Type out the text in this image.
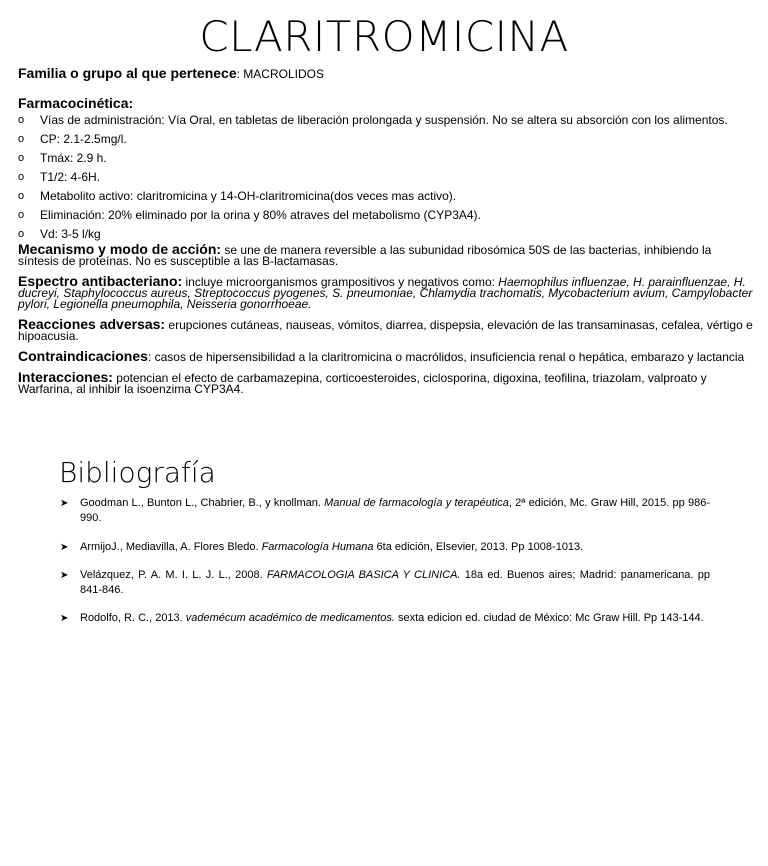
CLARITROMICINA

Familia o grupo al que pertenece: MACROLIDOS

Farmacocinética:

o Vías de administración: Vía Oral, en tabletas de liberación prolongada y suspensión. No se altera su absorción con los alimentos.
o CP: 2.1-2.5mg/l.
o Tmáx: 2.9 h.
o T1/2: 4-6H.
o Metabolito activo: claritromicina y 14-OH-claritromicina(dos veces mas activo).
o Eliminación: 20% eliminado por la orina y 80% atraves del metabolismo (CYP3A4).
o Vd: 3-5 l/kg

Mecanismo y modo de acción: se une de manera reversible a las subunidad ribosómica 50S de las bacterias, inhibiendo la síntesis de proteínas. No es susceptible a las B-lactamasas.

Espectro antibacteriano: incluye microorganismos grampositivos y negativos como: Haemophilus influenzae, H. parainfluenzae, H. ducreyi, Staphylococcus aureus, Streptococcus pyogenes, S. pneumoniae, Chlamydia trachomatis, Mycobacterium avium, Campylobacter pylori, Legionella pneumophila, Neisseria gonorrhoeae.

Reacciones adversas: erupciones cutáneas, nauseas, vómitos, diarrea, dispepsia, elevación de las transaminasas, cefalea, vértigo e hipoacusia.

Contraindicaciones: casos de hipersensibilidad a la claritromicina o macrólidos, insuficiencia renal o hepática, embarazo y lactancia

Interacciones: potencian el efecto de carbamazepina, corticoesteroides, ciclosporina, digoxina, teofilina, triazolam, valproato y Warfarina, al inhibir la isoenzima CYP3A4.

Bibliografía
➤ Goodman L., Bunton L., Chabrier, B., y knollman. Manual de farmacología y terapéutica, 2ª edición, Mc. Graw Hill, 2015. pp 986-990.
➤ ArmijoJ., Mediavilla, A. Flores Bledo. Farmacología Humana 6ta edición, Elsevier, 2013. Pp 1008-1013.
➤ Velázquez, P. A. M. I. L. J. L., 2008. FARMACOLOGIA BASICA Y CLINICA. 18a ed. Buenos aires; Madrid: panamericana. pp 841-846.
➤ Rodolfo, R. C., 2013. vademécum académico de medicamentos. sexta edicion ed. ciudad de México: Mc Graw Hill. Pp 143-144.
